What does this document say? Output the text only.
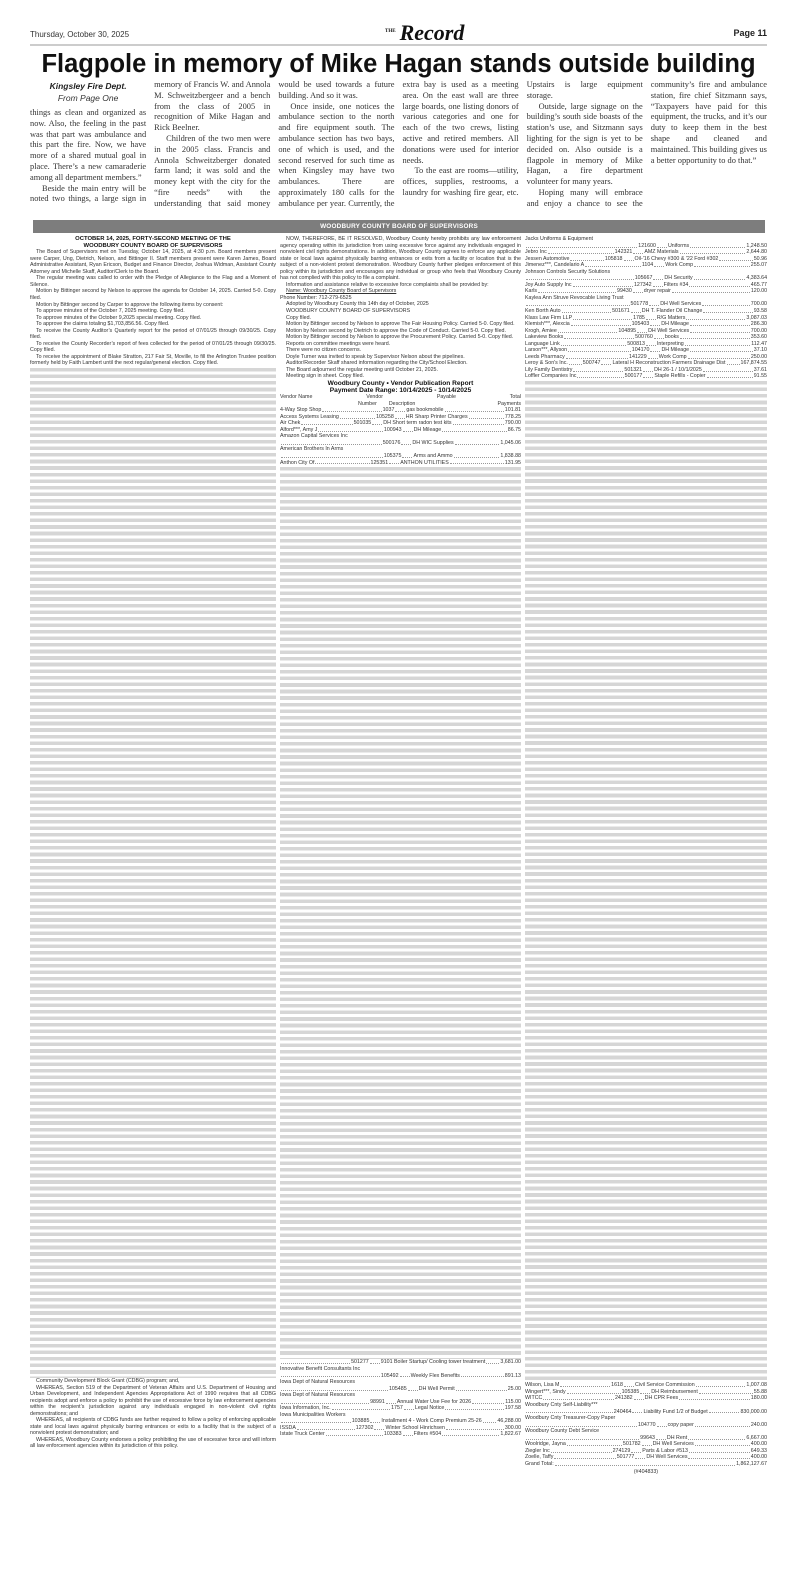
Thursday, October 30, 2025	$^{THE}$ Record	Page 11
Flagpole in memory of Mike Hagan stands outside building
Kingsley Fire Dept.
From Page One

things as clean and organized as now. Also, the feeling in the past was that part was ambulance and this part the fire. Now, we have more of a shared mutual goal in place. There’s a new camaraderie among all department members.”

Beside the main entry will be noted two things, a large sign in memory of Francis W. and Annola M. Schweitzbergeer and a bench from the class of 2005 in recognition of Mike Hagan and Rick Beelner.

Children of the two men were in the 2005 class. Francis and Annola Schweitzberger donated farm land; it was sold and the money kept with the city for the “fire needs” with the understanding that said money would be used towards a future building. And so it was.

Once inside, one notices the ambulance section to the north and fire equipment south. The ambulance section has two bays, one of which is used, and the second reserved for such time as when Kingsley may have two ambulances. There are approximately 180 calls for the ambulance per year. Currently, the extra bay is used as a meeting area. On the east wall are three large boards, one listing donors of various categories and one for each of the two crews, listing active and retired members. All donations were used for interior needs.

To the east are rooms—utility, offices, supplies, restrooms, a laundry for washing fire gear, etc. Upstairs is large equipment storage.

Outside, large signage on the building’s south side boasts of the station’s use, and Sitzmann says lighting for the sign is yet to be decided on. Also outside is a flagpole in memory of Mike Hagan, a fire department volunteer for many years.

Hoping many will embrace and enjoy a chance to see the community’s fire and ambulance station, fire chief Sitzmann says, “Taxpayers have paid for this equipment, the trucks, and it’s our duty to keep them in the best shape and cleaned and maintained. This building gives us a better opportunity to do that.”

WOODBURY COUNTY BOARD OF SUPERVISORS
OCTOBER 14, 2025, FORTY-SECOND MEETING OF THE
WOODBURY COUNTY BOARD OF SUPERVISORS

The Board of Supervisors met on Tuesday, October 14, 2025, at 4:30 p.m. Board members present were Carper, Ung, Dietrich, Nelson, and Bittinger II. Staff members present were Karen James, Board Administrative Assistant, Ryan Ericson, Budget and Finance Director, Joshua Widman, Assistant County Attorney and Michelle Skaff, Auditor/Clerk to the Board.

The regular meeting was called to order with the Pledge of Allegiance to the Flag and a Moment of Silence.

Motion by Bittinger second by Nelson to approve the agenda for October 14, 2025. Carried 5-0. Copy filed.

Motion by Bittinger second by Carper to approve the following items by consent:

To approve minutes of the October 7, 2025 meeting. Copy filed.

To approve minutes of the October 9,2025 special meeting. Copy filed.

To approve the claims totaling $1,703,856.56. Copy filed.

To receive the County Auditor’s Quarterly report for the period of 07/01/25 through 09/30/25. Copy filed.

To receive the County Recorder’s report of fees collected for the period of 07/01/25 through 09/30/25. Copy filed.

To receive the appointment of Blake Stratton, 217 Fair St, Moville, to fill the Arlington Trustee position formerly held by Faith Lambert until the next regular/general election. Copy filed.

Community Development Block Grant (CDBG) program; and,

WHEREAS, Section 519 of the Department of Veteran Affairs and U.S. Department of Housing and Urban Development, and Independent Agencies Appropriations Act of 1990 requires that all CDBG recipients adopt and enforce a policy to prohibit the use of excessive force by law enforcement agencies within the recipient’s jurisdiction against any individuals engaged in non-violent civil rights demonstrations; and

WHEREAS, all recipients of CDBG funds are further required to follow a policy of enforcing applicable state and local laws against physically barring entrances or exits to a facility that is the subject of a nonviolent protest demonstration; and

WHEREAS, Woodbury County endorses a policy prohibiting the use of excessive force and will inform all law enforcement agencies within its jurisdiction of this policy.

NOW, THEREFORE, BE IT RESOLVED, Woodbury County hereby prohibits any law enforcement agency operating within its jurisdiction from using excessive force against any individuals engaged in nonviolent civil rights demonstrations. In addition, Woodbury County agrees to enforce any applicable state or local laws against physically barring entrances or exits from a facility or location that is the subject of a non-violent protest demonstration. Woodbury County further pledges enforcement of this policy within its jurisdiction and encourages any individual or group who feels that Woodbury County has not complied with this policy to file a complaint.

Information and assistance relative to excessive force complaints shall be provided by:

Name: Woodbury County Board of Supervisors

Phone Number: 712-279-6525

Adopted by Woodbury County this 14th day of October, 2025

WOODBURY COUNTY BOARD OF SUPERVISORS

Copy filed.

Motion by Bittinger second by Nelson to approve The Fair Housing Policy. Carried 5-0. Copy filed.

Motion by Nelson second by Dietrich to approve the Code of Conduct. Carried 5-0. Copy filed.

Motion by Bittinger second by Nelson to approve the Procurement Policy. Carried 5-0. Copy filed.

Reports on committee meetings were heard.

There were no citizen concerns.

Doyle Turner was invited to speak by Supervisor Nelson about the pipelines.

Auditor/Recorder Skaff shared information regarding the City/School Election.

The Board adjourned the regular meeting until October 21, 2025.

Meeting sign in sheet. Copy filed.

Woodbury County • Vendor Publication Report
Payment Date Range: 10/14/2025 - 10/14/2025
Vendor Name	Vendor	Payable	Total
Number Description	Payments
4-Way Stop Shop	1037 gas bookmobile	101.81
Access Systems Leasing	105258 HR Sharp Printer Charges	778.25
Air Chek	501035 DH Short term radon test kits	790.00
Alford***, Amy J	100943 DH Mileage	86.75
Amazon Capital Services Inc
500176 DH WIC Supplies	1,045.06
American Brothers In Arms
105375 Arms and Ammo	1,838.88
Anthon City Of	125351 ANTHON UTILITIES	131.95
501277 9101 Boiler Startup/ Cooling tower treatment	3,681.00
Innovative Benefit Consultants Inc
105492 Weekly Flex Benefits	891.13
Iowa Dept of Natural Resources
105485 DH Well Permit	25.00
Iowa Dept of Natural Resources
98991 Annual Water Use Fee for 2026	115.00
Iowa Information, Inc.	1757 Legal Notice	197.58
Iowa Municipalities Workers
103885 Installment 4 - Work Comp Premium 25-26	46,288.00
ISSDA	127302 Winter School Hinrichsen	300.00
Istate Truck Center	103383 Filters #504	1,822.67
Jacks Uniforms & Equipment
121600 Uniforms	1,248.50
Jebro Inc	142321 AMZ Materials	2,644.80
Jessen Automotive	105818 Oil-'16 Chevy #300 & '22 Ford #302	50.96
Jimenez***, Candelario A	1104 Work Comp	255.07
Johnson Controls Security Solutions
105667 DH Security	4,383.64
Joy Auto Supply Inc	127342 Filters #34	465.77
Karls	99430 dryer repair	120.00
Kaylea Ann Struve Revocable Living Trust
501778 DH Well Services	700.00
Ken Borth Auto	501671 DH T. Flander Oil Change	93.58
Klass Law Firm LLP	1785 R/G Matters	3,087.03
Klemish***, Alexcia	105403 DH Mileage	286.30
Krogh, Amiee	104895 DH Well Services	700.00
Lakeview Books	500760 books	353.60
Language Link	500813 Interpreting	112.47
Larson***, Allyson	104170 DH Mileage	37.10
Leeds Pharmacy	141229 Work Comp	250.00
Leroy & Son's Inc.	500747 Lateral H Reconstruction Farmers Drainage Dist	167,874.55
Lily Family Dentistry	501321 DH 26-1 / 10/1/2025	37.61
Loffler Companies Inc	500177 Staple Refills - Copier	91.55
Wilson, Lisa M	1618 Civil Service Commission	1,007.08
Wingert***, Sindy	105385 DH Reimbursement	55.88
WITCC	241382 DH CPR Fees	180.00
Woodbury Cnty Self-Liability***
240464 Liability Fund 1/2 of Budget	830,000.00
Woodbury Cnty Treasurer-Copy Paper
104770 copy paper	240.00
Woodbury County Debt Service
99643 DH Rent	6,667.00
Woolridge, Jayna	501782 DH Well Services	400.00
Ziegler Inc	274129 Parts & Labor #513	649.33
Zoelle, Taffy	501777 DH Well Services	400.00
Grand Total:	1,862,127.67
(#404833)
